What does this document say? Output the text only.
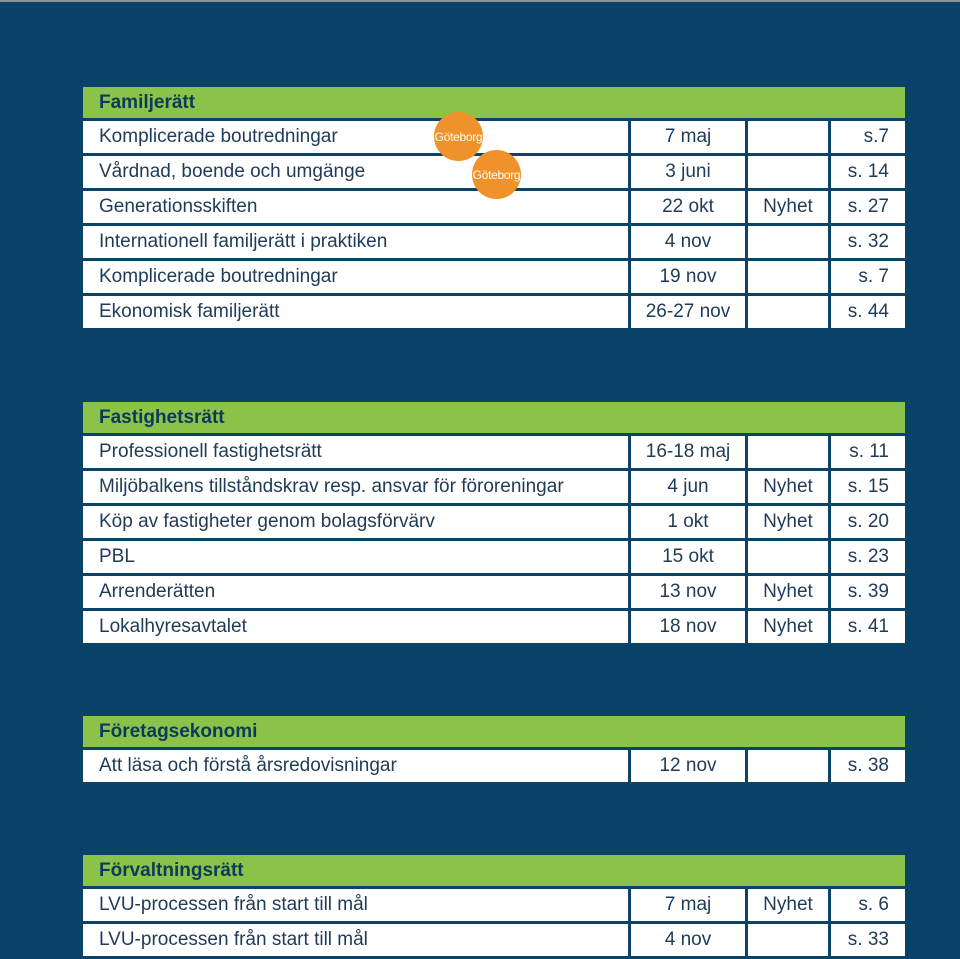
Familjerätt
Komplicerade boutredningar	7 maj	s.7
Vårdnad, boende och umgänge	3 juni	s. 14
Generationsskiften	22 okt	Nyhet	s. 27
Internationell familjerätt i praktiken	4 nov	s. 32
Komplicerade boutredningar	19 nov	s. 7
Ekonomisk familjerätt	26-27 nov	s. 44
Göteborg
Göteborg
Fastighetsrätt
Professionell fastighetsrätt	16-18 maj	s. 11
Miljöbalkens tillståndskrav resp. ansvar för föroreningar	4 jun	Nyhet	s. 15
Köp av fastigheter genom bolagsförvärv	1 okt	Nyhet	s. 20
PBL	15 okt	s. 23
Arrenderätten	13 nov	Nyhet	s. 39
Lokalhyresavtalet	18 nov	Nyhet	s. 41
Företagsekonomi
Att läsa och förstå årsredovisningar	12 nov	s. 38
Förvaltningsrätt
LVU-processen från start till mål	7 maj	Nyhet	s. 6
LVU-processen från start till mål	4 nov	s. 33
